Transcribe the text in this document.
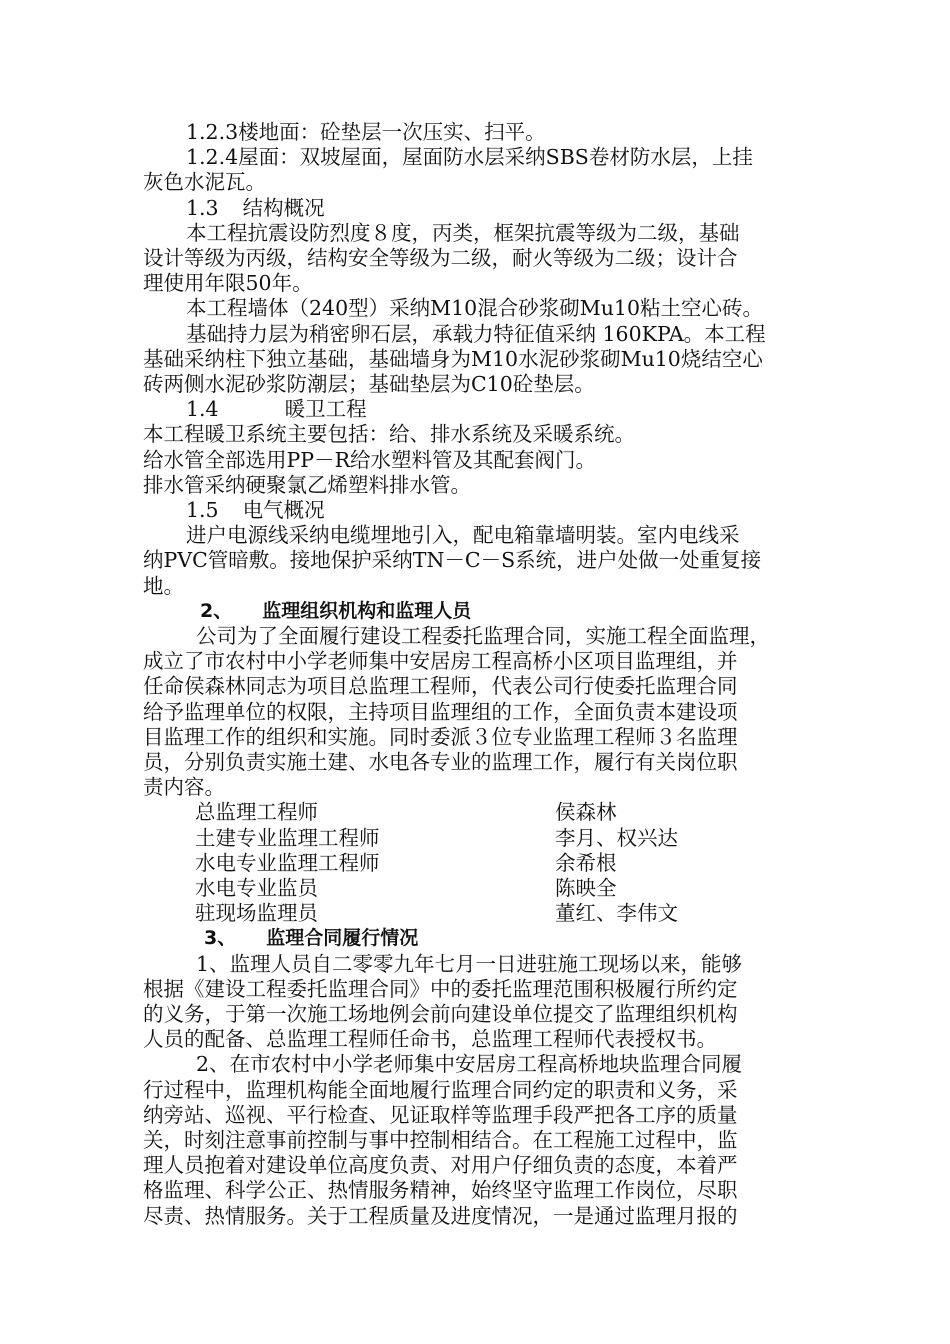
1.2.3楼地面：砼垫层一次压实、扫平。

1.2.4屋面：双坡屋面，屋面防水层采纳SBS卷材防水层，上挂

灰色水泥瓦。

1.3 结构概况

本工程抗震设防烈度８度，丙类，框架抗震等级为二级，基础

设计等级为丙级，结构安全等级为二级，耐火等级为二级；设计合

理使用年限50年。

本工程墙体（240型）采纳M10混合砂浆砌Mu10粘土空心砖。

基础持力层为稍密卵石层，承载力特征值采纳 160KPA。本工程

基础采纳柱下独立基础，基础墙身为M10水泥砂浆砌Mu10烧结空心

砖两侧水泥砂浆防潮层；基础垫层为C10砼垫层。

1.4	暖卫工程

本工程暖卫系统主要包括：给、排水系统及采暖系统。

给水管全部选用PP－R给水塑料管及其配套阀门。

排水管采纳硬聚氯乙烯塑料排水管。

1.5 电气概况

进户电源线采纳电缆埋地引入，配电箱靠墙明装。室内电线采

纳PVC管暗敷。接地保护采纳TN－C－S系统，进户处做一处重复接

地。

2、 监理组织机构和监理人员

公司为了全面履行建设工程委托监理合同，实施工程全面监理，

成立了市农村中小学老师集中安居房工程高桥小区项目监理组，并

任命侯森林同志为项目总监理工程师，代表公司行使委托监理合同

给予监理单位的权限，主持项目监理组的工作，全面负责本建设项

目监理工作的组织和实施。同时委派３位专业监理工程师３名监理

员，分别负责实施土建、水电各专业的监理工作，履行有关岗位职

责内容。

总监理工程师	侯森林
土建专业监理工程师	李月、权兴达
水电专业监理工程师	余希根
水电专业监员	陈映全
驻现场监理员	董红、李伟文

3、 监理合同履行情况

1、监理人员自二零零九年七月一日进驻施工现场以来，能够

根据《建设工程委托监理合同》中的委托监理范围积极履行所约定

的义务，于第一次施工场地例会前向建设单位提交了监理组织机构

人员的配备、总监理工程师任命书，总监理工程师代表授权书。

2、在市农村中小学老师集中安居房工程高桥地块监理合同履

行过程中，监理机构能全面地履行监理合同约定的职责和义务，采

纳旁站、巡视、平行检查、见证取样等监理手段严把各工序的质量

关，时刻注意事前控制与事中控制相结合。在工程施工过程中，监

理人员抱着对建设单位高度负责、对用户仔细负责的态度，本着严

格监理、科学公正、热情服务精神，始终坚守监理工作岗位，尽职

尽责、热情服务。关于工程质量及进度情况，一是通过监理月报的
